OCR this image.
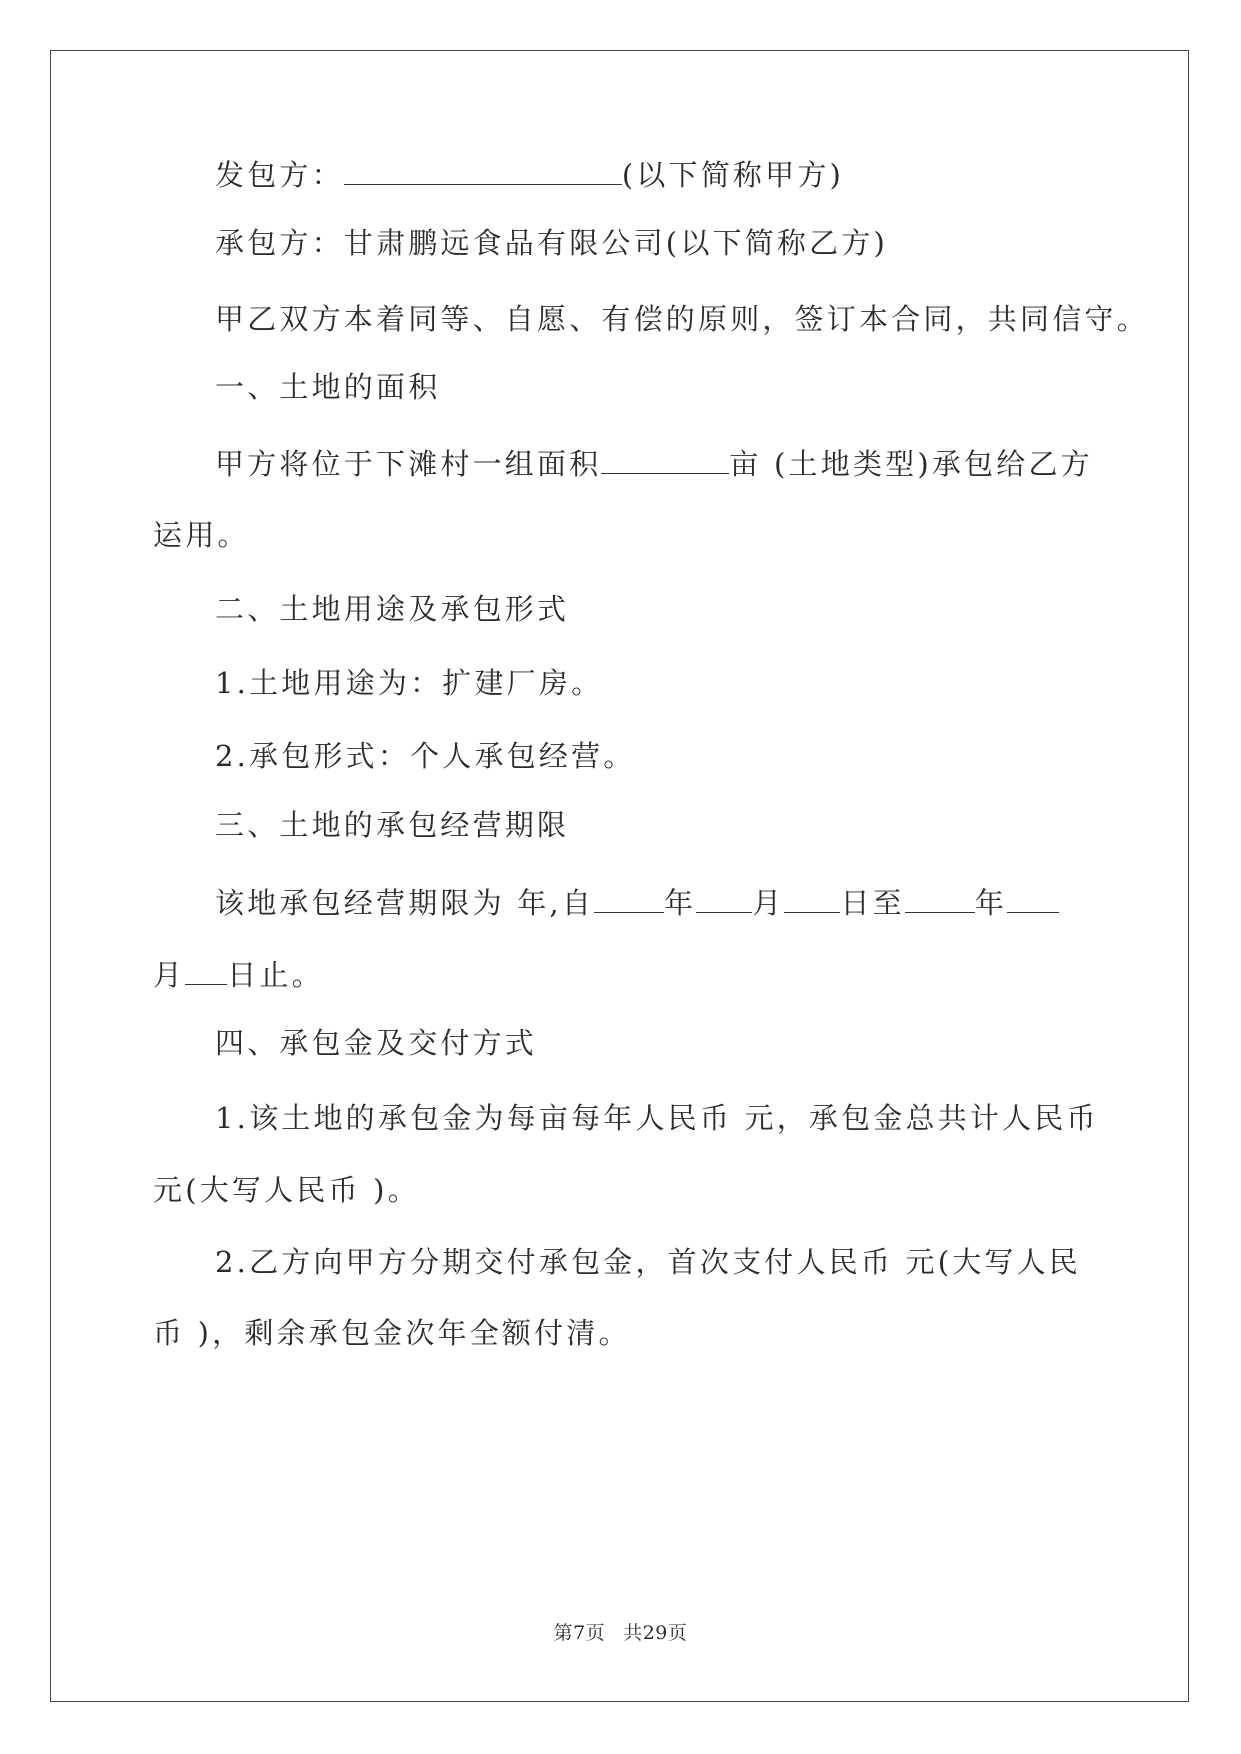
发包方：	(以下简称甲方)
承包方：甘肃鹏远食品有限公司(以下简称乙方)
甲乙双方本着同等、自愿、有偿的原则，签订本合同，共同信守。
一、土地的面积
甲方将位于下滩村一组面积	亩 (土地类型)承包给乙方
运用。
二、土地用途及承包形式
1.土地用途为：扩建厂房。
2.承包形式：个人承包经营。
三、土地的承包经营期限
该地承包经营期限为 年,自 年 月 日至 年
月 日止。
四、承包金及交付方式
1.该土地的承包金为每亩每年人民币 元，承包金总共计人民币
元(大写人民币 )。
2.乙方向甲方分期交付承包金，首次支付人民币 元(大写人民
币 )，剩余承包金次年全额付清。
第7页 共29页
